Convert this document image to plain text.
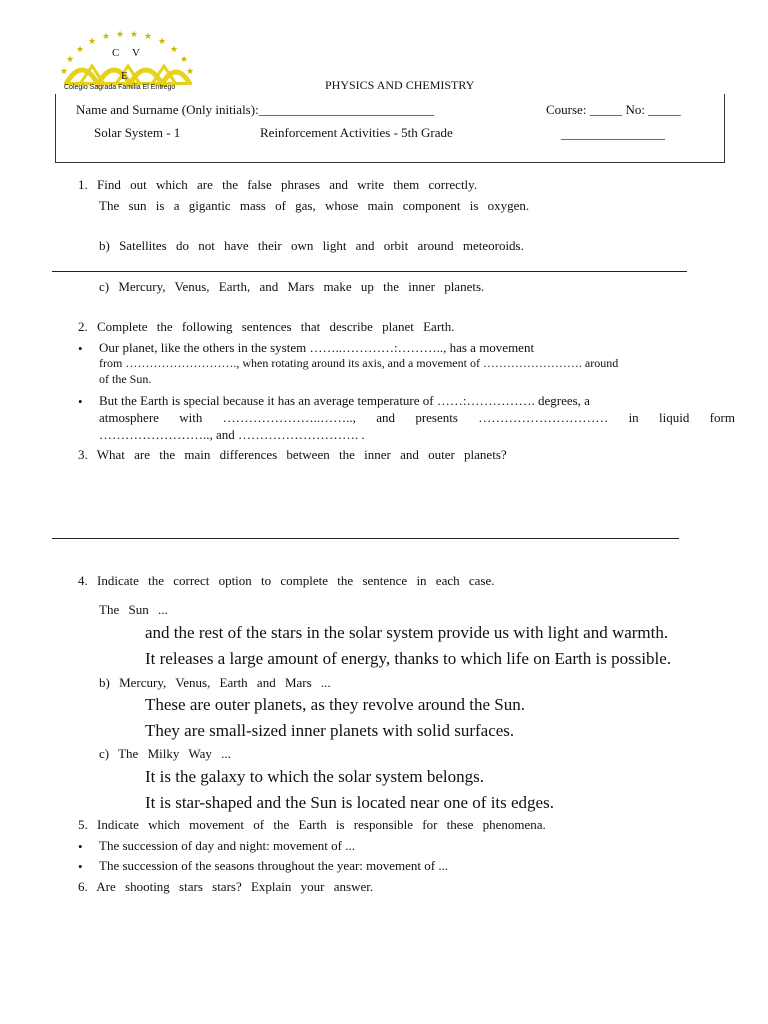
★
★
★
★ ★ ★ ★ ★ ★
★
★
★
C V
E
Colegio Sagrada Familia El Entrego	PHYSICS AND CHEMISTRY
Name and Surname (Only initials):___________________________	Course: _____ No: _____
Solar System - 1	Reinforcement Activities - 5th Grade	________________
1. Find out which are the false phrases and write them correctly.
The sun is a gigantic mass of gas, whose main component is oxygen.
b) Satellites do not have their own light and orbit around meteoroids.
c) Mercury, Venus, Earth, and Mars make up the inner planets.
2. Complete the following sentences that describe planet Earth.
• Our planet, like the others in the system ……..…………:……….., has a movement
from ………………………., when rotating around its axis, and a movement of ……………………. around
of the Sun.
• But the Earth is special because it has an average temperature of ……:……………. degrees, a
atmosphere with …………………..…….., and presents ………………………… in liquid form
…………………….., and ………………………. .
3. What are the main differences between the inner and outer planets?
4. Indicate the correct option to complete the sentence in each case.
The Sun ...
and the rest of the stars in the solar system provide us with light and warmth.
It releases a large amount of energy, thanks to which life on Earth is possible.
b) Mercury, Venus, Earth and Mars ...
These are outer planets, as they revolve around the Sun.
They are small-sized inner planets with solid surfaces.
c) The Milky Way ...
It is the galaxy to which the solar system belongs.
It is star-shaped and the Sun is located near one of its edges.
5. Indicate which movement of the Earth is responsible for these phenomena.
• The succession of day and night: movement of ...
• The succession of the seasons throughout the year: movement of ...
6. Are shooting stars stars? Explain your answer.
